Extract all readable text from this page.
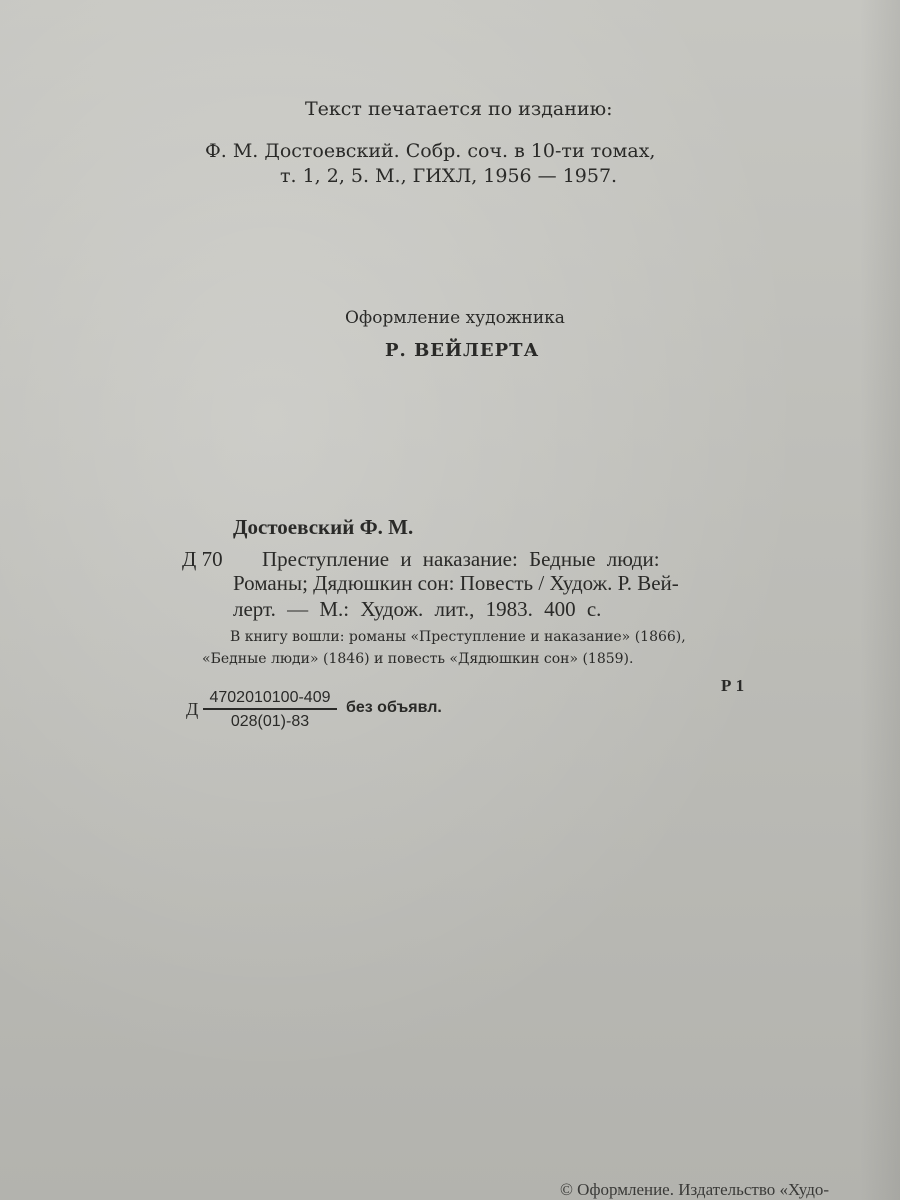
Текст печатается по изданию:

Ф. М. Достоевский. Собр. соч. в 10-ти томах,

т. 1, 2, 5. М., ГИХЛ, 1956 — 1957.

Оформление художника

Р. ВЕЙЛЕРТА

Достоевский Ф. М.

Д 70 Преступление и наказание: Бедные люди:

Романы; Дядюшкин сон: Повесть / Худож. Р. Вей-

лерт. — М.: Худож. лит., 1983. 400 с.

В книгу вошли: романы «Преступление и наказание» (1866),

«Бедные люди» (1846) и повесть «Дядюшкин сон» (1859).

Р 1

Д

4702010100-409
028(01)-83

без объявл.

© Оформление. Издательство «Худо-
